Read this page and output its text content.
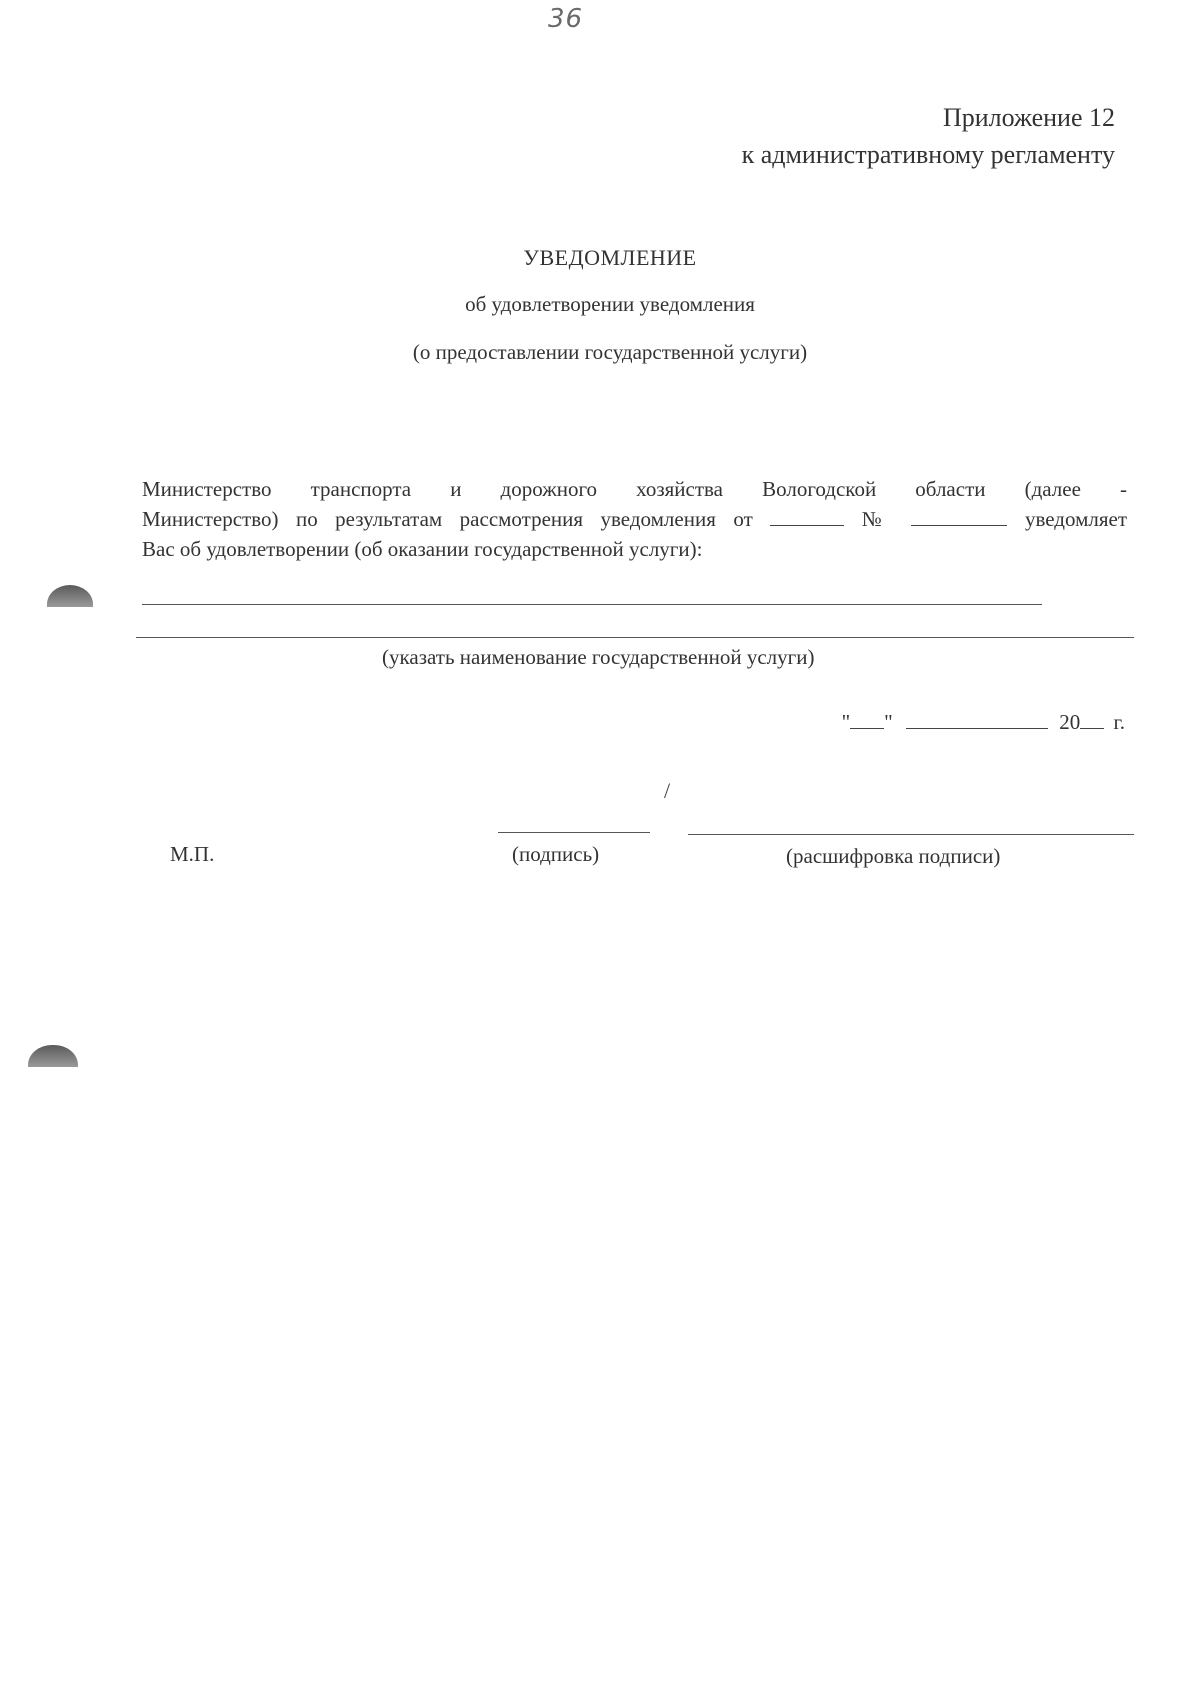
36

Приложение 12

к административному регламенту

УВЕДОМЛЕНИЕ

об удовлетворении уведомления

(о предоставлении государственной услуги)

Министерство транспорта и дорожного хозяйства Вологодской области (далее -
Министерство) по результатам рассмотрения уведомления от	№	уведомляет
Вас об удовлетворении (об оказании государственной услуги):

(указать наименование государственной услуги)

" "	20 г.

/

М.П.	(подпись)	(расшифровка подписи)
